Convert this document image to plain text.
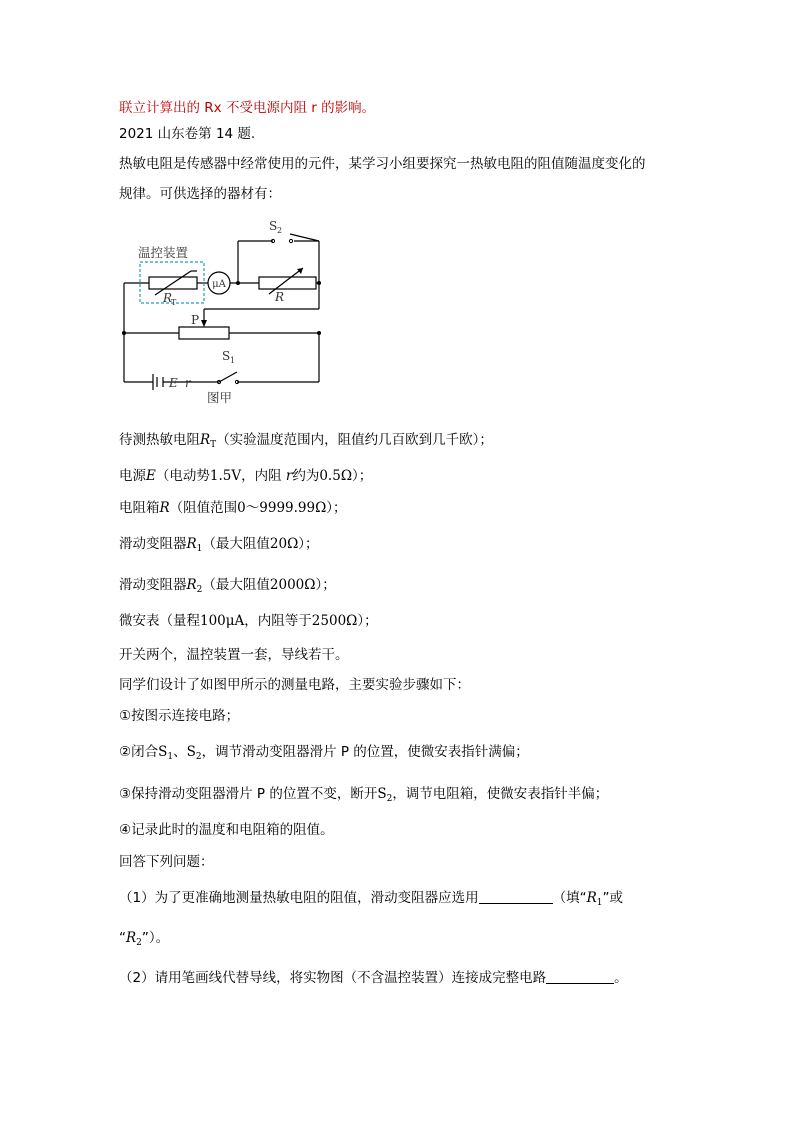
联立计算出的 Rx 不受电源内阻 r 的影响。
2021 山东卷第 14 题.
热敏电阻是传感器中经常使用的元件，某学习小组要探究一热敏电阻的阻值随温度变化的
规律。可供选择的器材有：
温控装置
μA
S 2
R
T	R
P
S 1
E r
图甲
待测热敏电阻$R_T$（实验温度范围内，阻值约几百欧到几千欧）；
电源E（电动势1.5V，内阻 r约为0.5Ω）；
电阻箱R（阻值范围0～9999.99Ω）；
滑动变阻器$R_1$（最大阻值20Ω）；
滑动变阻器$R_2$（最大阻值2000Ω）；
微安表（量程100μA，内阻等于2500Ω）；
开关两个，温控装置一套，导线若干。
同学们设计了如图甲所示的测量电路，主要实验步骤如下：
①按图示连接电路；
②闭合$S_1$、$S_2$，调节滑动变阻器滑片 P 的位置，使微安表指针满偏；
③保持滑动变阻器滑片 P 的位置不变，断开$S_2$，调节电阻箱，使微安表指针半偏；
④记录此时的温度和电阻箱的阻值。
回答下列问题：
（1）为了更准确地测量热敏电阻的阻值，滑动变阻器应选用	（填“$R_1$”或
“$R_2$”）。
（2）请用笔画线代替导线，将实物图（不含温控装置）连接成完整电路	。
